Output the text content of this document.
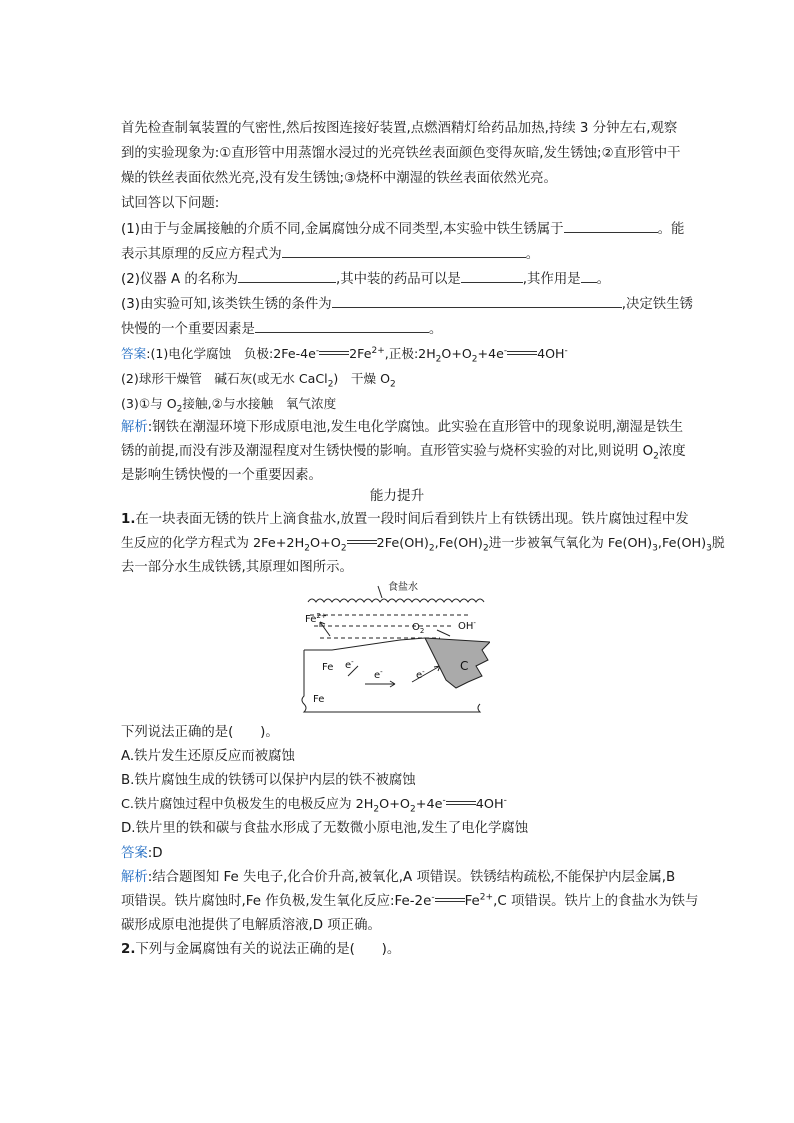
首先检查制氧装置的气密性,然后按图连接好装置,点燃酒精灯给药品加热,持续 3 分钟左右,观察
到的实验现象为:①直形管中用蒸馏水浸过的光亮铁丝表面颜色变得灰暗,发生锈蚀;②直形管中干
燥的铁丝表面依然光亮,没有发生锈蚀;③烧杯中潮湿的铁丝表面依然光亮。
试回答以下问题:
(1)由于与金属接触的介质不同,金属腐蚀分成不同类型,本实验中铁生锈属于	。能
表示其原理的反应方程式为	。
(2)仪器 A 的名称为	,其中装的药品可以是	,其作用是 。
(3)由实验可知,该类铁生锈的条件为	,决定铁生锈
快慢的一个重要因素是	。
答案:(1)电化学腐蚀　负极:2Fe-4e- $2Fe^{2+}$,正极$:2H_2O+O_2+4e^-$ 4OH-
(2)球形干燥管　碱石灰(或无水 CaCl$_2$)　干燥 $O_2$
(3)①与 $O_2$接触,②与水接触　氧气浓度
解析:钢铁在潮湿环境下形成原电池,发生电化学腐蚀。此实验在直形管中的现象说明,潮湿是铁生
锈的前提,而没有涉及潮湿程度对生锈快慢的影响。直形管实验与烧杯实验的对比,则说明 $O_2$浓度
是影响生锈快慢的一个重要因素。
能力提升
1.在一块表面无锈的铁片上滴食盐水,放置一段时间后看到铁片上有铁锈出现。铁片腐蚀过程中发
生反应的化学方程式为 $2Fe+2H_2O+O_2$ $2Fe(OH)_2,Fe(OH)_2$进一步被氧气氧化为 $Fe(OH)_3,Fe(OH)_3$脱
去一部分水生成铁锈,其原理如图所示。
食盐水
$Fe^{2+}$
$O_2$	OH-
C
Fe
Fe
e-
e-	e-
下列说法正确的是(　　)。
A.铁片发生还原反应而被腐蚀
B.铁片腐蚀生成的铁锈可以保护内层的铁不被腐蚀
C.铁片腐蚀过程中负极发生的电极反应为 $2H_2O+O_2+4e^-$ 4OH-
D.铁片里的铁和碳与食盐水形成了无数微小原电池,发生了电化学腐蚀
答案:D
解析:结合题图知 Fe 失电子,化合价升高,被氧化,A 项错误。铁锈结构疏松,不能保护内层金属,B
项错误。铁片腐蚀时,Fe 作负极,发生氧化反应:Fe-2e- $Fe^{2+},C$ 项错误。铁片上的食盐水为铁与
碳形成原电池提供了电解质溶液,D 项正确。
2.下列与金属腐蚀有关的说法正确的是(　　)。
